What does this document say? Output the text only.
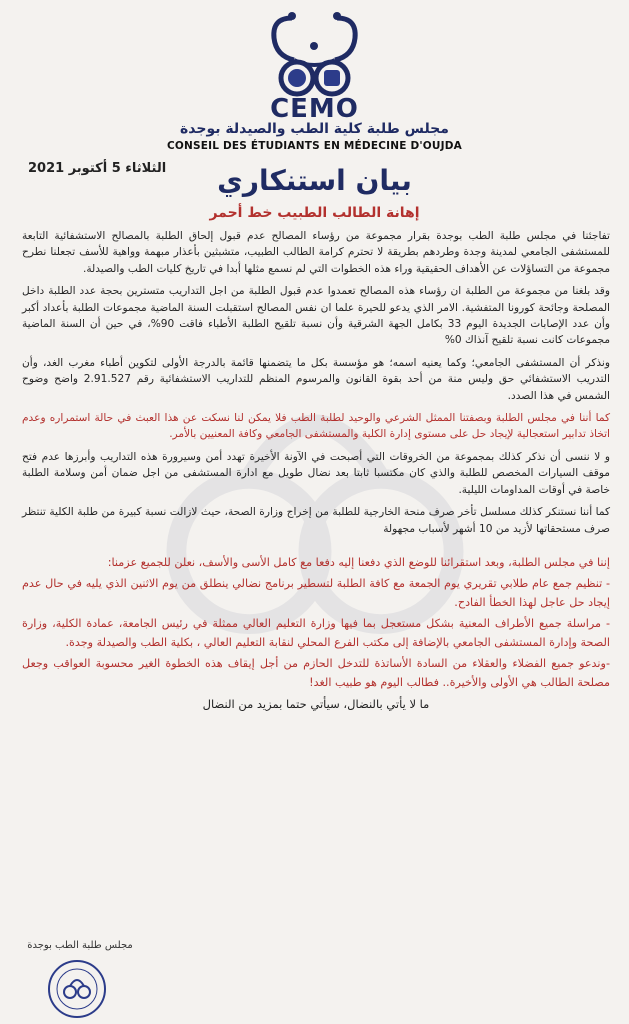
CEMO
مجلس طلبة كلية الطب والصيدلة بوجدة
CONSEIL DES ÉTUDIANTS EN MÉDECINE D'OUJDA
الثلاثاء 5 أكتوبر 2021	بيان استنكاري
إهانة الطالب الطبيب خط أحمر

تفاجئنا في مجلس طلبة الطب بوجدة بقرار مجموعة من رؤساء المصالح عدم قبول إلحاق الطلبة بالمصالح الاستشفائية التابعة للمستشفى الجامعي لمدينة وجدة وطردهم بطريقة لا تحترم كرامة الطالب الطبيب، متشبثين بأعذار مبهمة وواهية للأسف تجعلنا نطرح مجموعة من التساؤلات عن الأهداف الحقيقية وراء هذه الخطوات التي لم نسمع مثلها أبدا في تاريخ كليات الطب والصيدلة.

وقد بلغنا من مجموعة من الطلبة ان رؤساء هذه المصالح تعمدوا عدم قبول الطلبة من اجل التداريب متسترين بحجة عدد الطلبة داخل المصلحة وجائحة كورونا المتفشية. الامر الذي يدعو للحيرة علما ان نفس المصالح استقبلت السنة الماضية مجموعات الطلبة بأعداد أكبر وأن عدد الإصابات الجديدة اليوم 33 بكامل الجهة الشرقية وأن نسبة تلقيح الطلبة الأطباء فاقت 90%، في حين أن السنة الماضية مجموعات كانت نسبة تلقيح آنذاك 0%

ونذكر أن المستشفى الجامعي؛ وكما يعنيه اسمه؛ هو مؤسسة بكل ما يتضمنها قائمة بالدرجة الأولى لتكوين أطباء مغرب الغد، وأن التدريب الاستشفائي حق وليس منة من أحد بقوة القانون والمرسوم المنظم للتداريب الاستشفائية رقم 2.91.527 واضح وضوح الشمس في هذا الصدد.

كما أننا في مجلس الطلبة وبصفتنا الممثل الشرعي والوحيد لطلبة الطب فلا يمكن لنا نسكت عن هذا العبث في حالة استمراره وعدم اتخاذ تدابير استعجالية لإيجاد حل على مستوى إدارة الكلية والمستشفى الجامعي وكافة المعنيين بالأمر.

و لا ننسى أن نذكر كذلك بمجموعة من الخروقات التي أصبحت في الآونة الأخيرة تهدد أمن وسيرورة هذه التداريب وأبرزها عدم فتح موقف السيارات المخصص للطلبة والذي كان مكتسبا ثابتا بعد نضال طويل مع ادارة المستشفى من اجل ضمان أمن وسلامة الطلبة خاصة في أوقات المداومات الليلية.

كما أننا نستنكر كذلك مسلسل تأخر صرف منحة الخارجية للطلبة من إخراج وزارة الصحة، حيث لازالت نسبة كبيرة من طلبة الكلية تنتظر صرف مستحقاتها لأزيد من 10 أشهر لأسباب مجهولة

إننا في مجلس الطلبة، وبعد استقرائنا للوضع الذي دفعنا إليه دفعا مع كامل الأسى والأسف، نعلن للجميع عزمنا:

- تنظيم جمع عام طلابي تقريري يوم الجمعة مع كافة الطلبة لتسطير برنامج نضالي ينطلق من يوم الاثنين الذي يليه في حال عدم إيجاد حل عاجل لهذا الخطأ الفادح.

- مراسلة جميع الأطراف المعنية بشكل مستعجل بما فيها وزارة التعليم العالي ممثلة في رئيس الجامعة، عمادة الكلية، وزارة الصحة وإدارة المستشفى الجامعي بالإضافة إلى مكتب الفرع المحلي لنقابة التعليم العالي ، بكلية الطب والصيدلة وجدة.

-وندعو جميع الفضلاء والعقلاء من السادة الأساتذة للتدخل الحازم من أجل إيقاف هذه الخطوة الغير محسوبة العواقب وجعل مصلحة الطالب هي الأولى والأخيرة.. فطالب اليوم هو طبيب الغد!

ما لا يأتي بالنضال، سيأتي حتما بمزيد من النضال
مجلس طلبة الطب بوجدة
